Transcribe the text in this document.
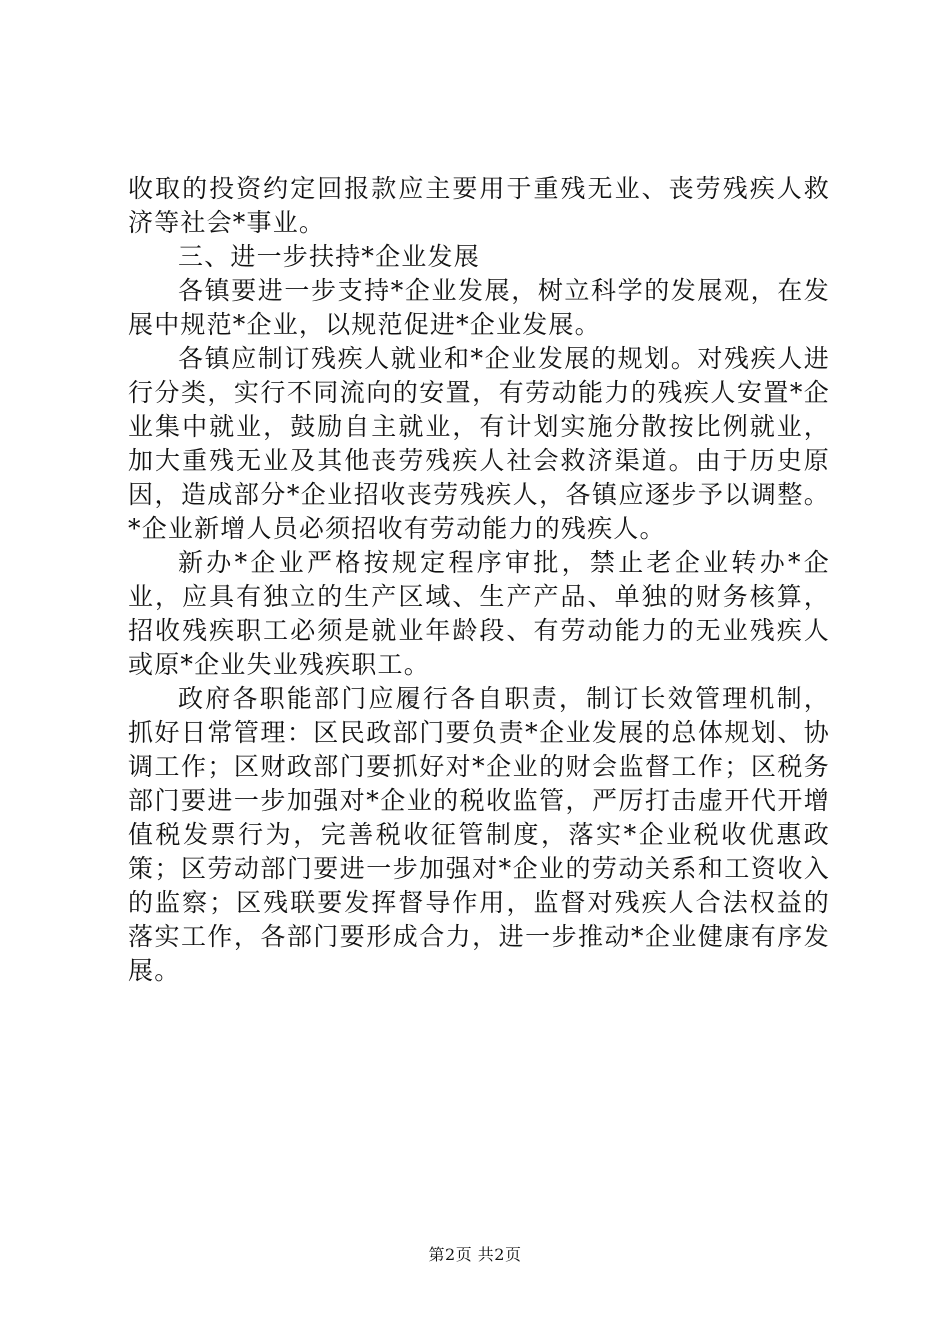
收取的投资约定回报款应主要用于重残无业、丧劳残疾人救济等社会*事业。

三、进一步扶持*企业发展

各镇要进一步支持*企业发展，树立科学的发展观，在发展中规范*企业，以规范促进*企业发展。

各镇应制订残疾人就业和*企业发展的规划。对残疾人进行分类，实行不同流向的安置，有劳动能力的残疾人安置*企业集中就业，鼓励自主就业，有计划实施分散按比例就业，加大重残无业及其他丧劳残疾人社会救济渠道。由于历史原因，造成部分*企业招收丧劳残疾人，各镇应逐步予以调整。*企业新增人员必须招收有劳动能力的残疾人。

新办*企业严格按规定程序审批，禁止老企业转办*企业，应具有独立的生产区域、生产产品、单独的财务核算，招收残疾职工必须是就业年龄段、有劳动能力的无业残疾人或原*企业失业残疾职工。

政府各职能部门应履行各自职责，制订长效管理机制，抓好日常管理：区民政部门要负责*企业发展的总体规划、协调工作；区财政部门要抓好对*企业的财会监督工作；区税务部门要进一步加强对*企业的税收监管，严厉打击虚开代开增值税发票行为，完善税收征管制度，落实*企业税收优惠政策；区劳动部门要进一步加强对*企业的劳动关系和工资收入的监察；区残联要发挥督导作用，监督对残疾人合法权益的落实工作，各部门要形成合力，进一步推动*企业健康有序发展。

第2页 共2页
